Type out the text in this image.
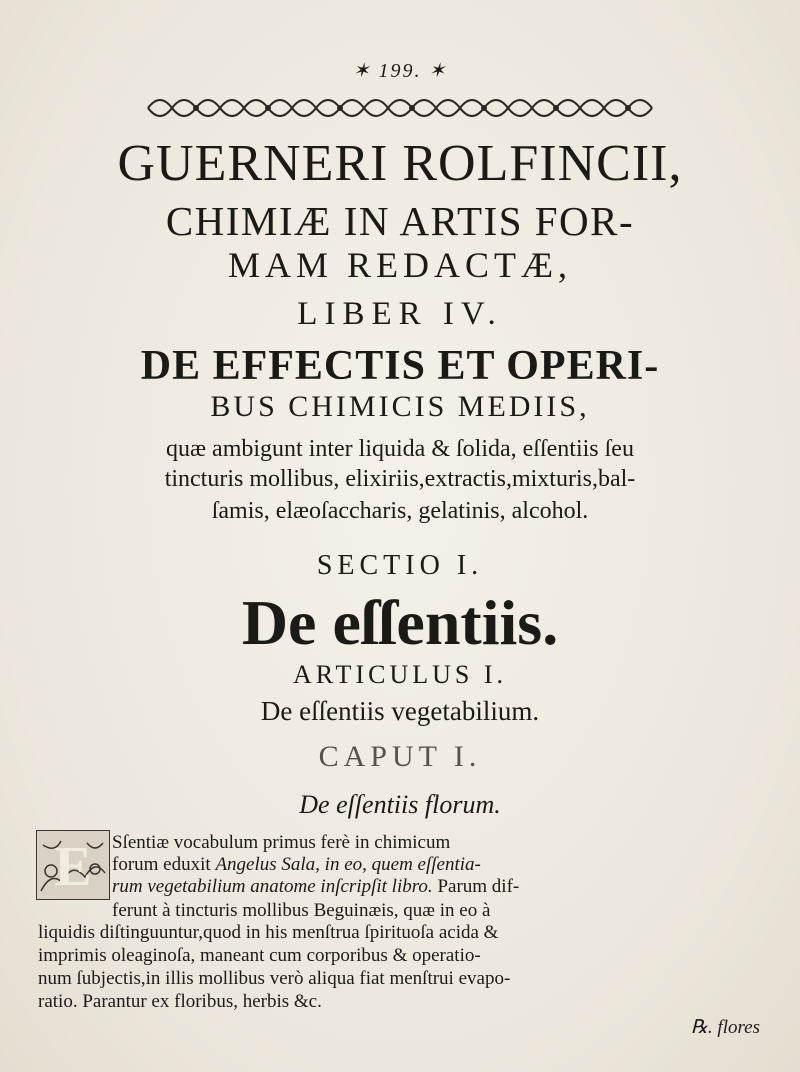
✶ 199. ✶
GUERNERI ROLFINCII,
CHIMIÆ IN ARTIS FOR-
MAM REDACTÆ,
LIBER IV.
DE EFFECTIS ET OPERI-
BUS CHIMICIS MEDIIS,
quæ ambigunt inter liquida & ſolida, eſſentiis ſeu
tincturis mollibus, elixiriis,extractis,mixturis,bal-
ſamis, elæoſaccharis, gelatinis, alcohol.
SECTIO I.
De eſſentiis.
ARTICULUS I.
De eſſentiis vegetabilium.
CAPUT I.
De eſſentiis florum.
E	Sſentiæ vocabulum primus ferè in chimicum
forum eduxit Angelus Sala, in eo, quem eſſentia-
rum vegetabilium anatome inſcripſit libro. Parum dif-
ferunt à tincturis mollibus Beguinæis, quæ in eo à
liquidis diſtinguuntur,quod in his menſtrua ſpirituoſa acida &
imprimis oleaginoſa, maneant cum corporibus & operatio-
num ſubjectis,in illis mollibus verò aliqua fiat menſtrui evapo-
ratio. Parantur ex floribus, herbis &c.
℞. flores
